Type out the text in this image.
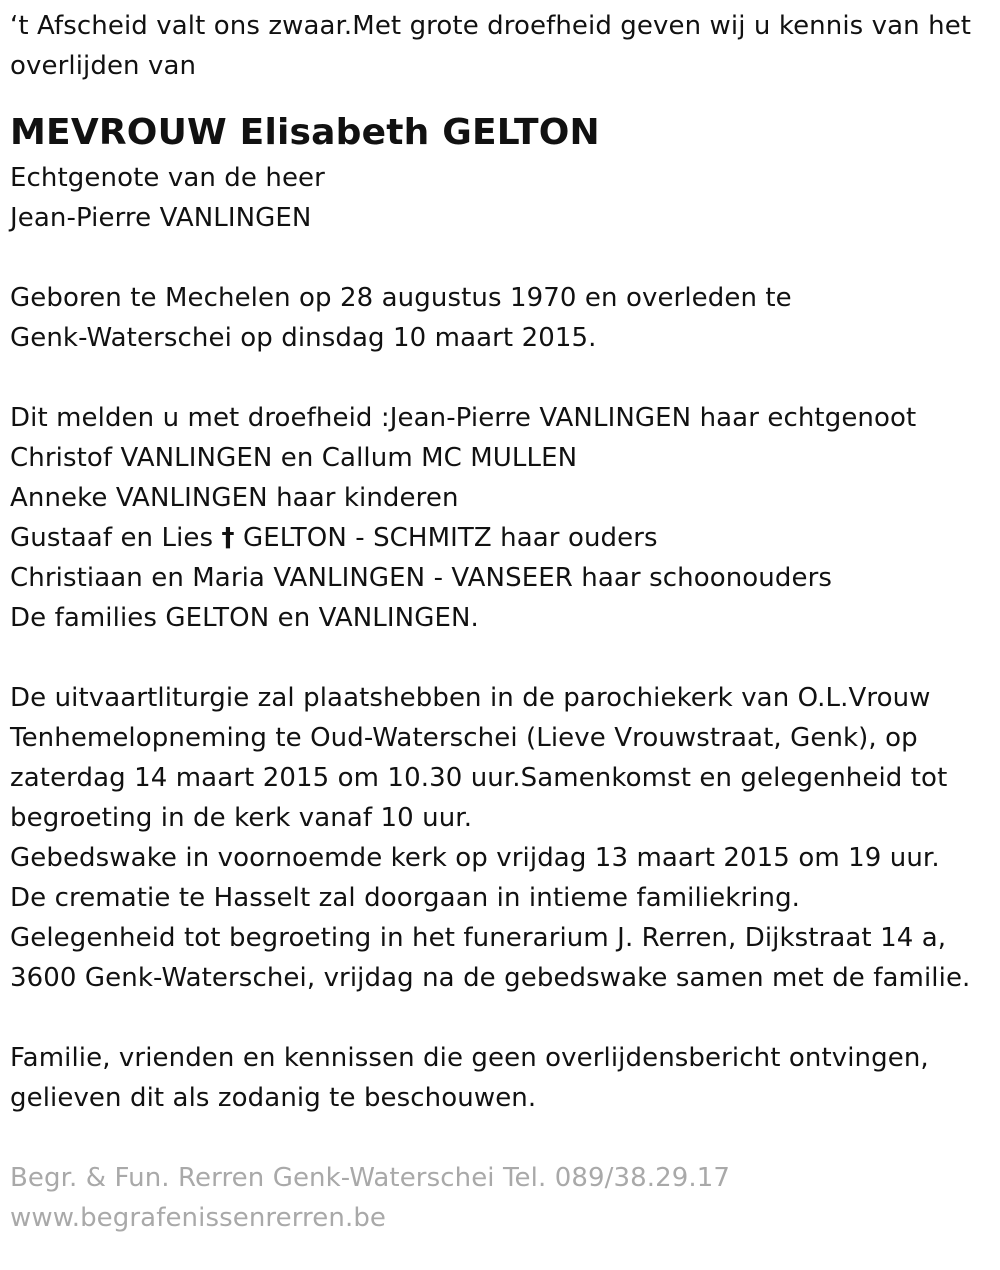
‘t Afscheid valt ons zwaar.Met grote droefheid geven wij u kennis van het
overlijden van
MEVROUW Elisabeth GELTON
Echtgenote van de heer
Jean-Pierre VANLINGEN
Geboren te Mechelen op 28 augustus 1970 en overleden te
Genk-Waterschei op dinsdag 10 maart 2015.
Dit melden u met droefheid :Jean-Pierre VANLINGEN haar echtgenoot
Christof VANLINGEN en Callum MC MULLEN
Anneke VANLINGEN haar kinderen
Gustaaf en Lies † GELTON - SCHMITZ haar ouders
Christiaan en Maria VANLINGEN - VANSEER haar schoonouders
De families GELTON en VANLINGEN.
De uitvaartliturgie zal plaatshebben in de parochiekerk van O.L.Vrouw
Tenhemelopneming te Oud-Waterschei (Lieve Vrouwstraat, Genk), op
zaterdag 14 maart 2015 om 10.30 uur.Samenkomst en gelegenheid tot
begroeting in de kerk vanaf 10 uur.
Gebedswake in voornoemde kerk op vrijdag 13 maart 2015 om 19 uur.
De crematie te Hasselt zal doorgaan in intieme familiekring.
Gelegenheid tot begroeting in het funerarium J. Rerren, Dijkstraat 14 a,
3600 Genk-Waterschei, vrijdag na de gebedswake samen met de familie.
Familie, vrienden en kennissen die geen overlijdensbericht ontvingen,
gelieven dit als zodanig te beschouwen.
Begr. & Fun. Rerren Genk-Waterschei Tel. 089/38.29.17
www.begrafenissenrerren.be
